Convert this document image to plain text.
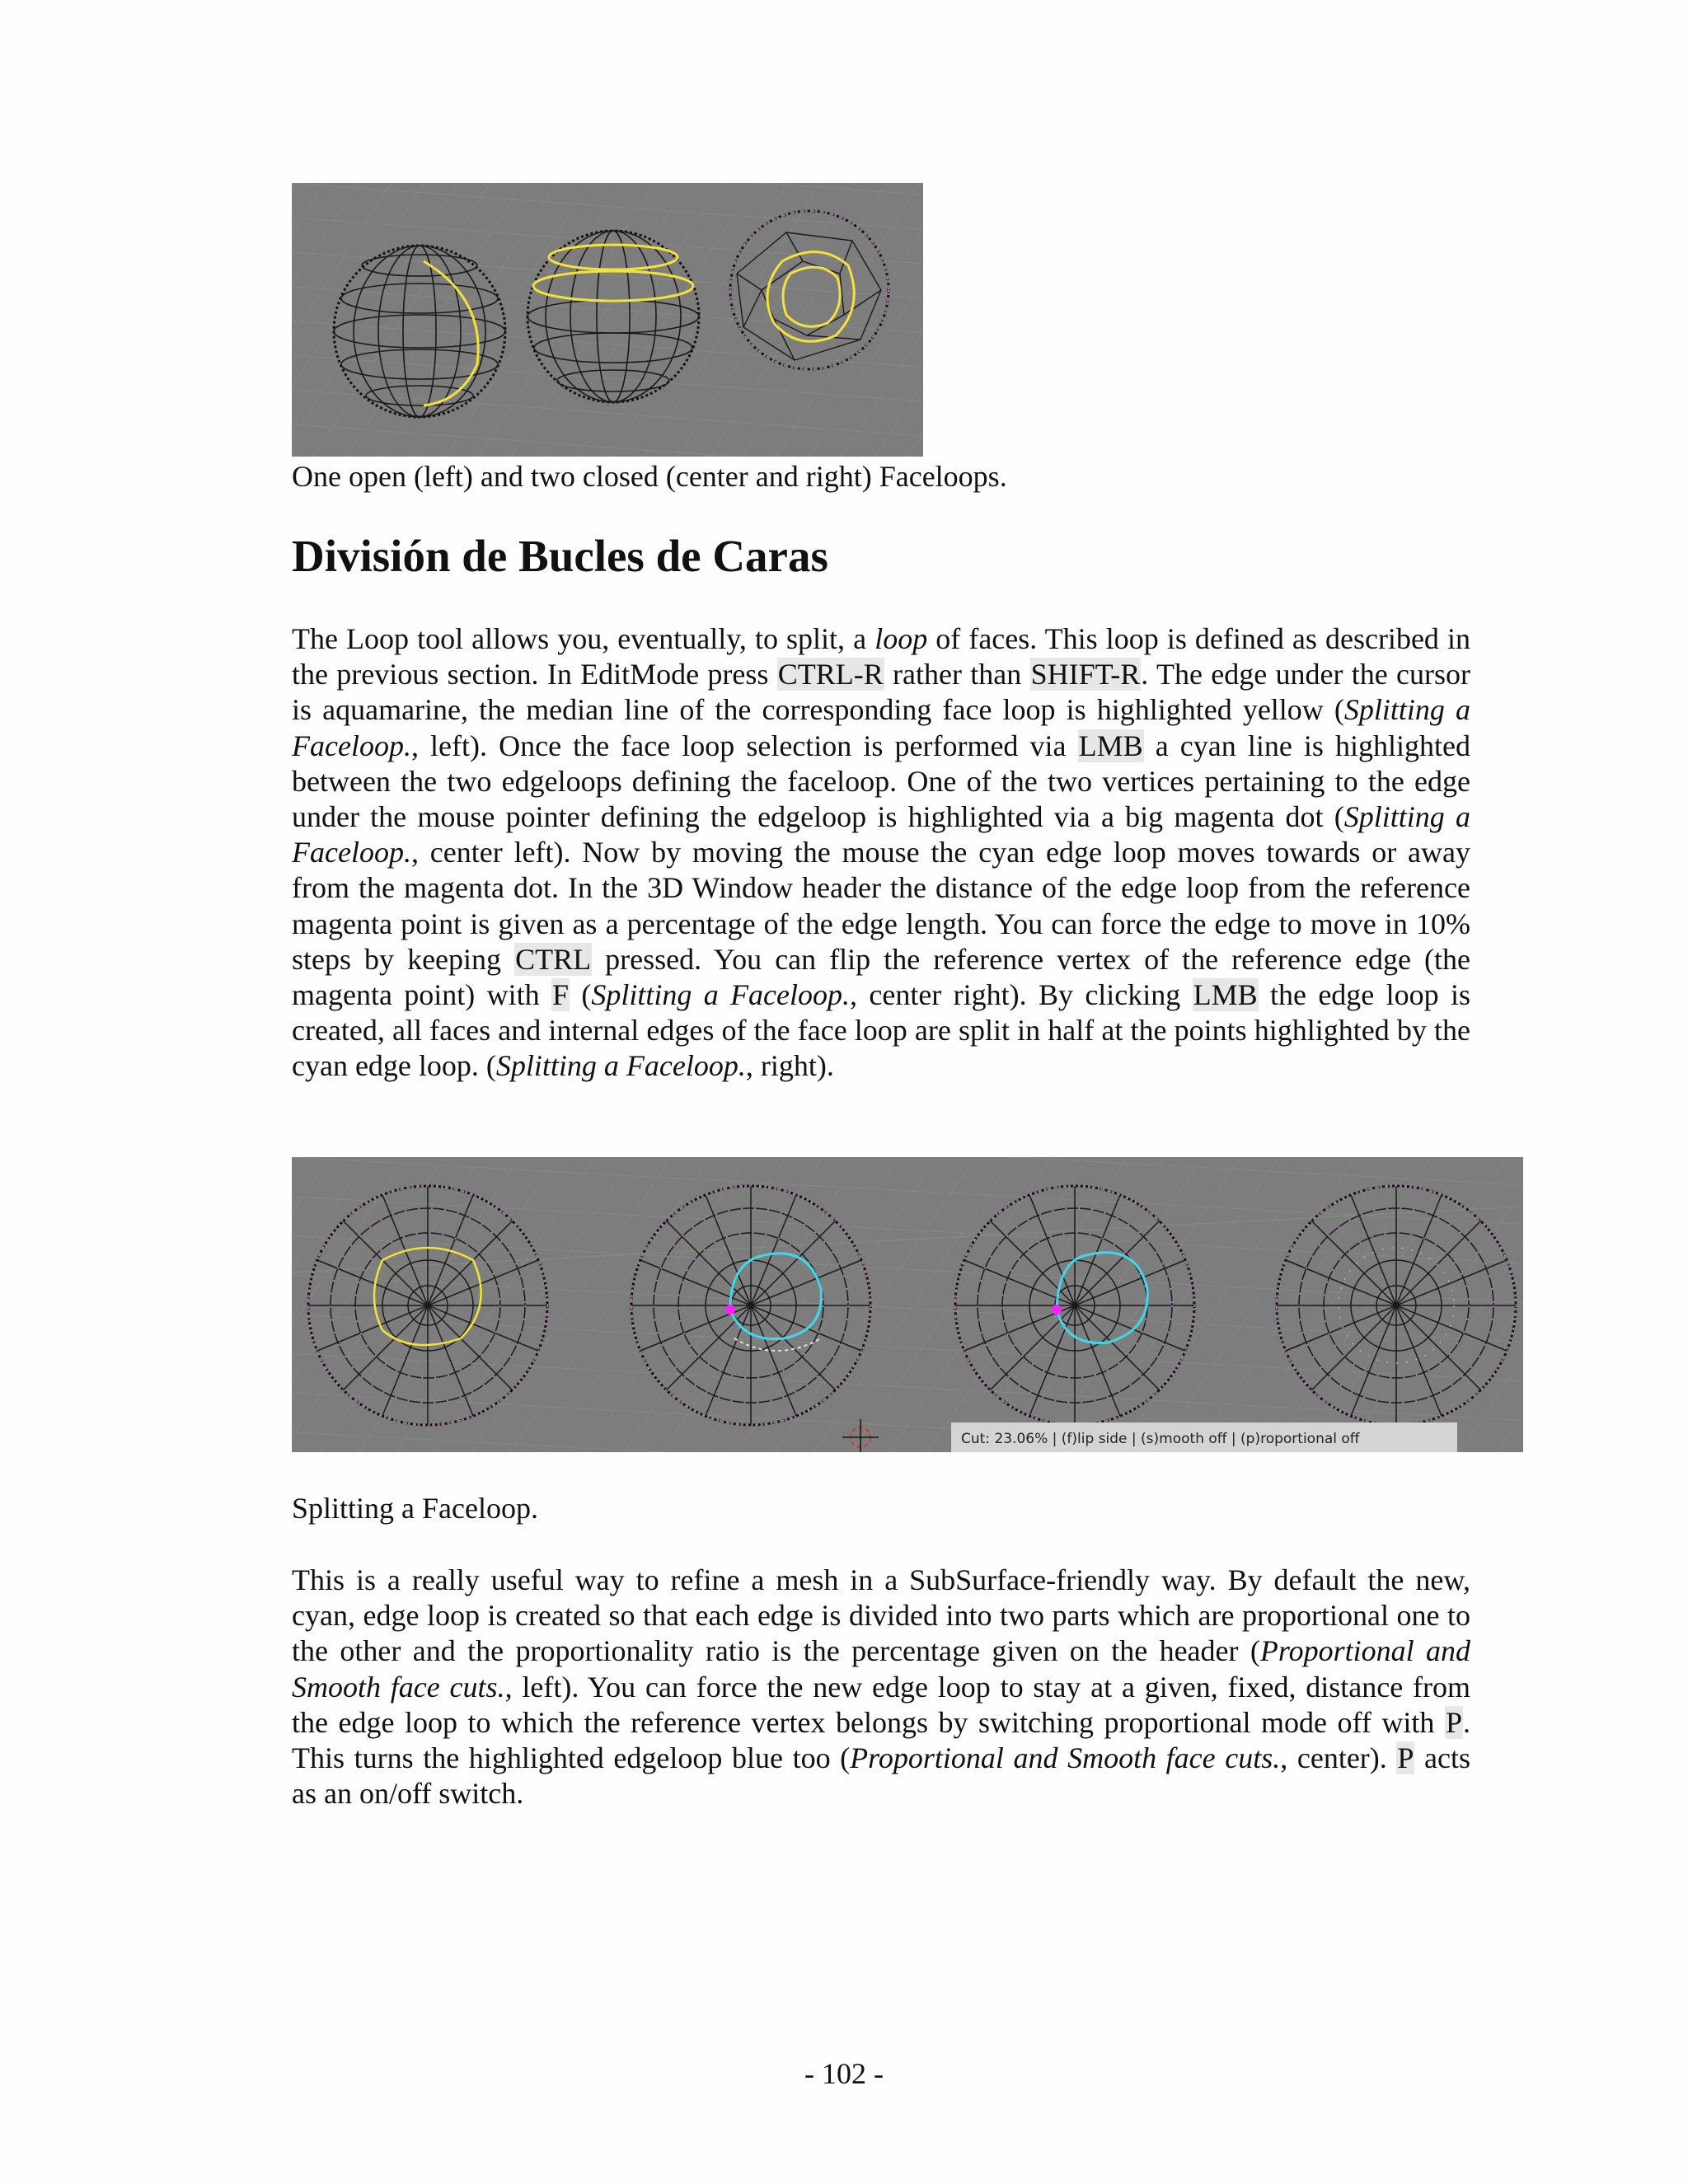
One open (left) and two closed (center and right) Faceloops.
División de Bucles de Caras

The Loop tool allows you, eventually, to split, a loop of faces. This loop is defined as described in the previous section. In EditMode press CTRL-R rather than SHIFT-R. The edge under the cursor is aquamarine, the median line of the corresponding face loop is highlighted yellow (Splitting a Faceloop., left). Once the face loop selection is performed via LMB a cyan line is highlighted between the two edgeloops defining the faceloop. One of the two vertices pertaining to the edge under the mouse pointer defining the edgeloop is highlighted via a big magenta dot (Splitting a Faceloop., center left). Now by moving the mouse the cyan edge loop moves towards or away from the magenta dot. In the 3D Window header the distance of the edge loop from the reference magenta point is given as a percentage of the edge length. You can force the edge to move in 10% steps by keeping CTRL pressed. You can flip the reference vertex of the reference edge (the magenta point) with F (Splitting a Faceloop., center right). By clicking LMB the edge loop is created, all faces and internal edges of the face loop are split in half at the points highlighted by the cyan edge loop. (Splitting a Faceloop., right).

Cut: 23.06% | (f)lip side | (s)mooth off | (p)roportional off
Splitting a Faceloop.

This is a really useful way to refine a mesh in a SubSurface-friendly way. By default the new, cyan, edge loop is created so that each edge is divided into two parts which are proportional one to the other and the proportionality ratio is the percentage given on the header (Proportional and Smooth face cuts., left). You can force the new edge loop to stay at a given, fixed, distance from the edge loop to which the reference vertex belongs by switching proportional mode off with P. This turns the highlighted edgeloop blue too (Proportional and Smooth face cuts., center). P acts as an on/off switch.

- 102 -
